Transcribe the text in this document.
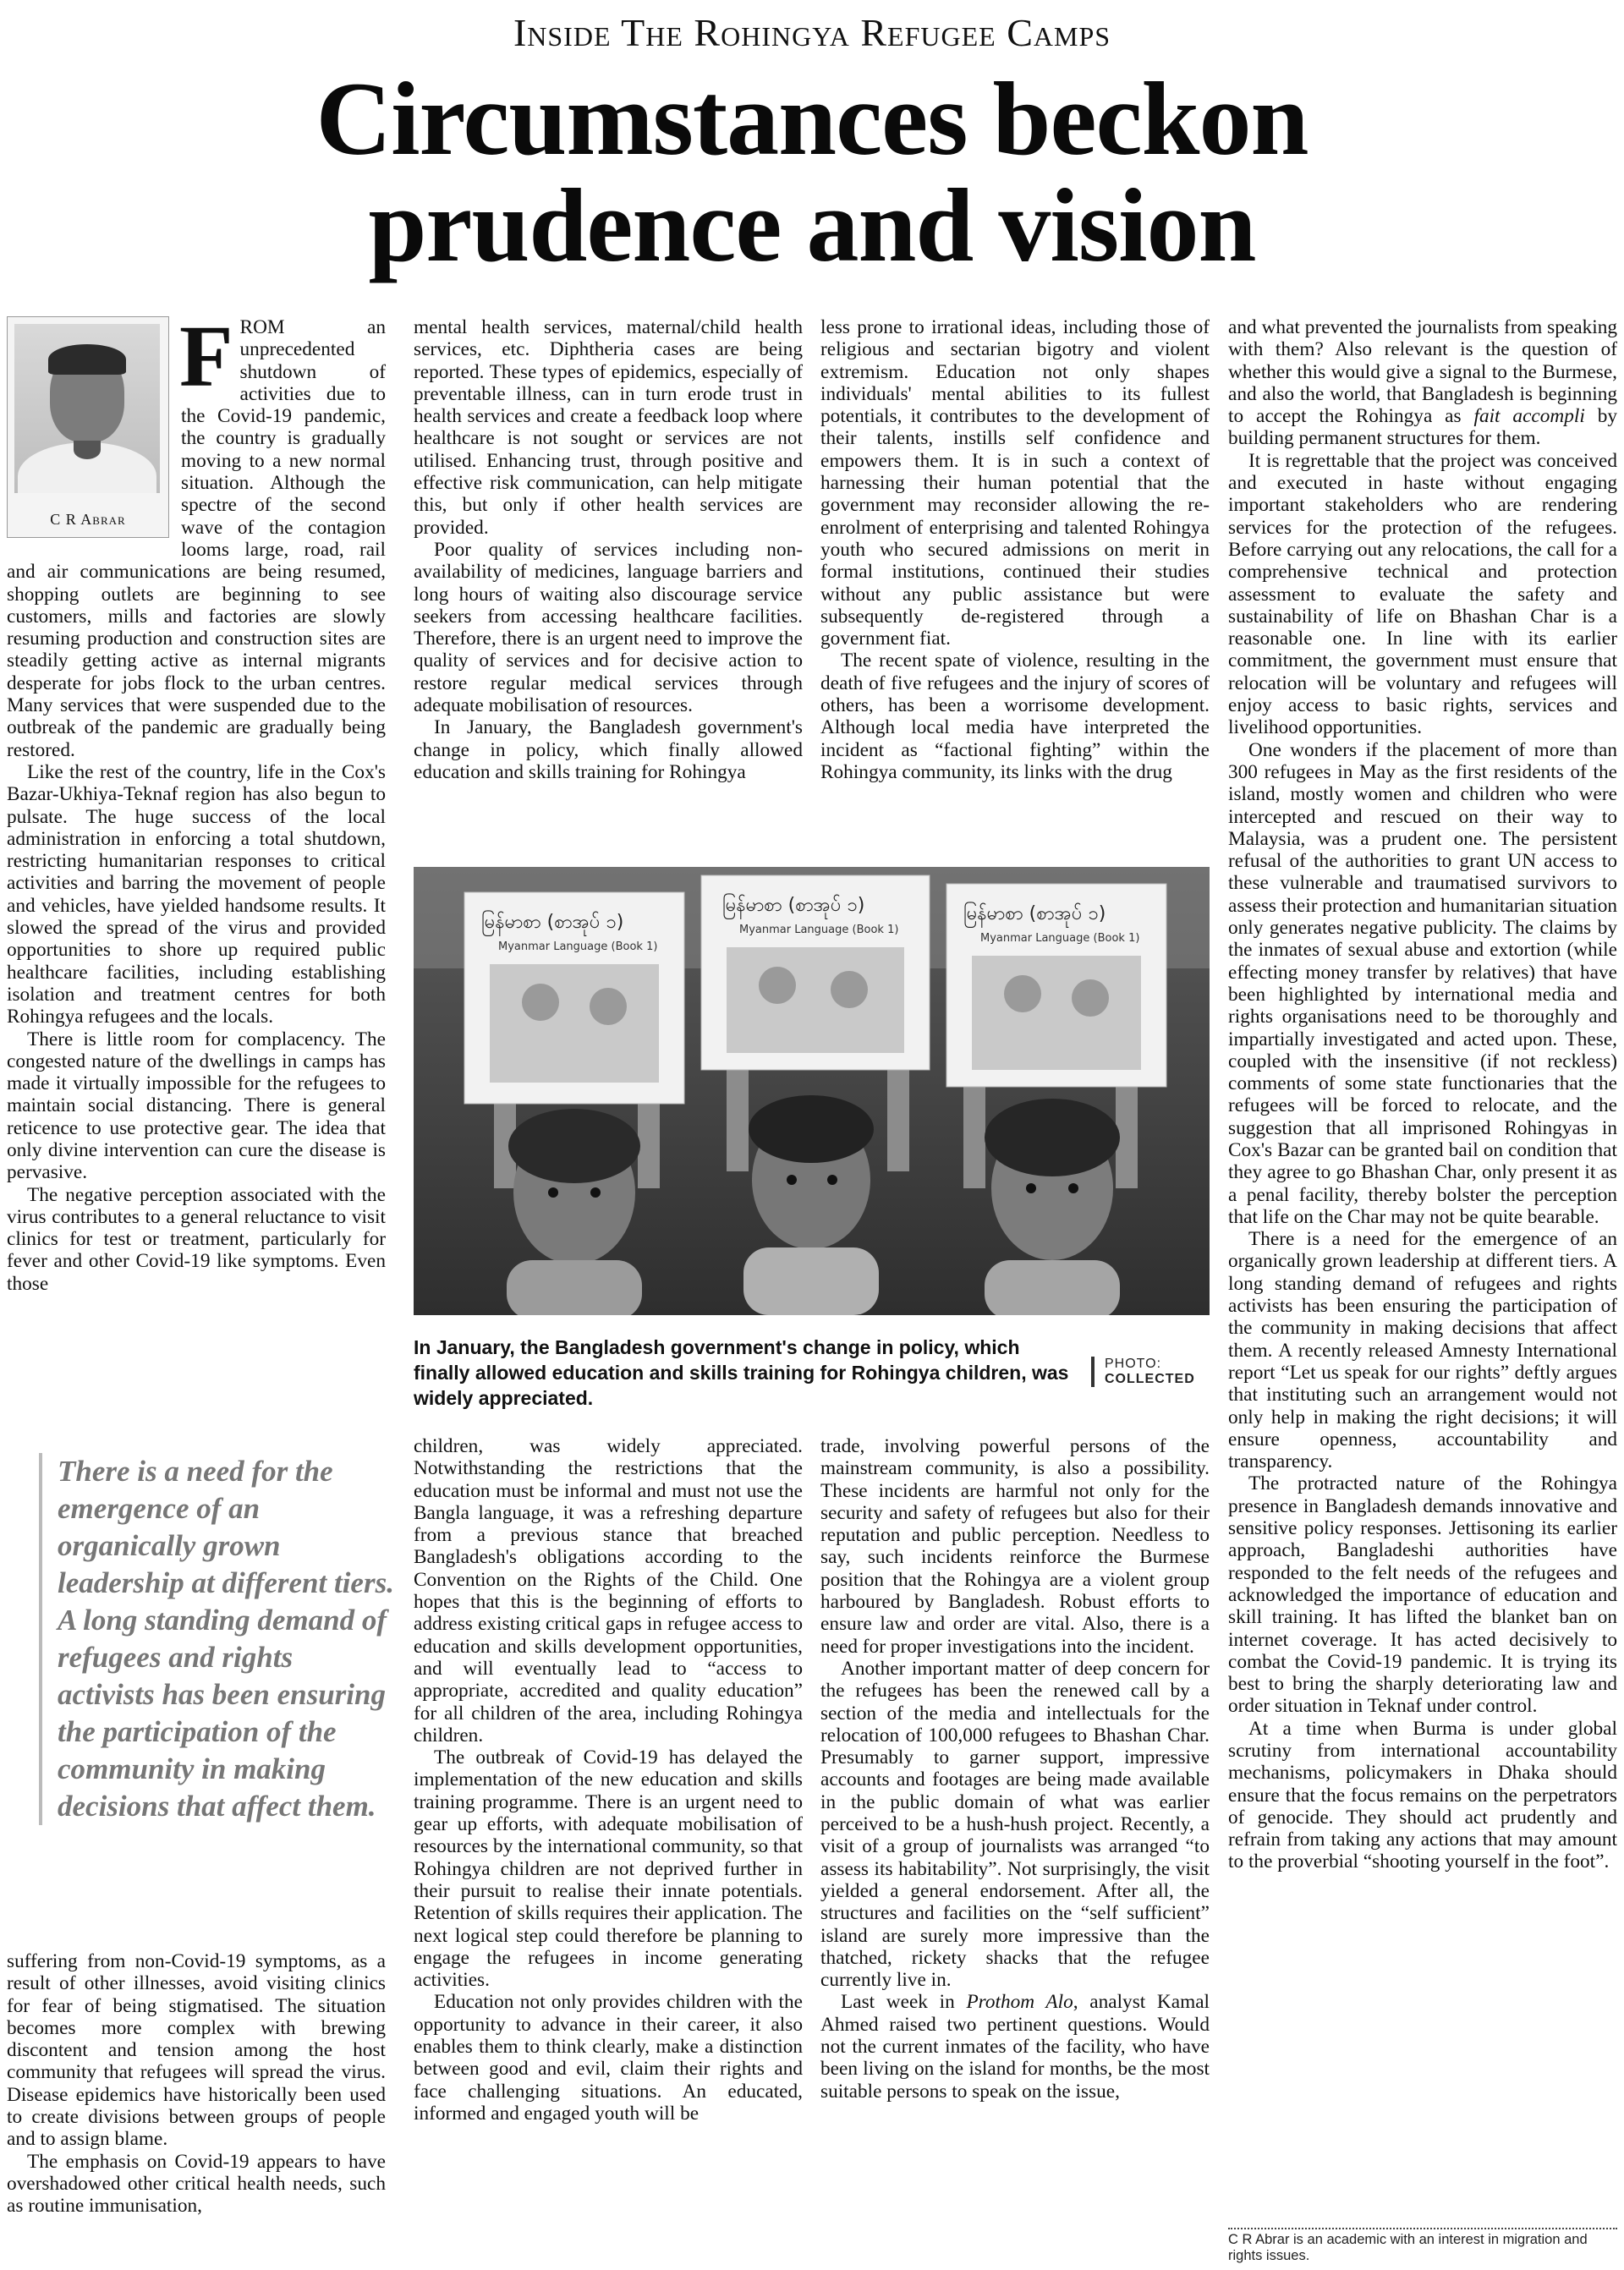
Inside The Rohingya Refugee Camps
Circumstances beckon
prudence and vision
C R Abrar

FROM an unprecedented shutdown of activities due to the Covid-19 pandemic, the country is gradually moving to a new normal situation. Although the spectre of the second wave of the contagion looms large, road, rail and air communications are being resumed, shopping outlets are beginning to see customers, mills and factories are slowly resuming production and construction sites are steadily getting active as internal migrants desperate for jobs flock to the urban centres. Many services that were suspended due to the outbreak of the pandemic are gradually being restored.

Like the rest of the country, life in the Cox's Bazar-Ukhiya-Teknaf region has also begun to pulsate. The huge success of the local administration in enforcing a total shutdown, restricting humanitarian responses to critical activities and barring the movement of people and vehicles, have yielded handsome results. It slowed the spread of the virus and provided opportunities to shore up required public healthcare facilities, including establishing isolation and treatment centres for both Rohingya refugees and the locals.

There is little room for complacency. The congested nature of the dwellings in camps has made it virtually impossible for the refugees to maintain social distancing. There is general reticence to use protective gear. The idea that only divine intervention can cure the disease is pervasive.

The negative perception associated with the virus contributes to a general reluctance to visit clinics for test or treatment, particularly for fever and other Covid-19 like symptoms. Even those

There is a need for the emergence of an organically grown leadership at different tiers. A long standing demand of refugees and rights activists has been ensuring the participation of the community in making decisions that affect them.

suffering from non-Covid-19 symptoms, as a result of other illnesses, avoid visiting clinics for fear of being stigmatised. The situation becomes more complex with brewing discontent and tension among the host community that refugees will spread the virus. Disease epidemics have historically been used to create divisions between groups of people and to assign blame.

The emphasis on Covid-19 appears to have overshadowed other critical health needs, such as routine immunisation,

mental health services, maternal/child health services, etc. Diphtheria cases are being reported. These types of epidemics, especially of preventable illness, can in turn erode trust in health services and create a feedback loop where healthcare is not sought or services are not utilised. Enhancing trust, through positive and effective risk communication, can help mitigate this, but only if other health services are provided.

Poor quality of services including non-availability of medicines, language barriers and long hours of waiting also discourage service seekers from accessing healthcare facilities. Therefore, there is an urgent need to improve the quality of services and for decisive action to restore regular medical services through adequate mobilisation of resources.

In January, the Bangladesh government's change in policy, which finally allowed education and skills training for Rohingya

less prone to irrational ideas, including those of religious and sectarian bigotry and violent extremism. Education not only shapes individuals' mental abilities to its fullest potentials, it contributes to the development of their talents, instills self confidence and empowers them. It is in such a context of harnessing their human potential that the government may reconsider allowing the re-enrolment of enterprising and talented Rohingya youth who secured admissions on merit in formal institutions, continued their studies without any public assistance but were subsequently de-registered through a government fiat.

The recent spate of violence, resulting in the death of five refugees and the injury of scores of others, has been a worrisome development. Although local media have interpreted the incident as “factional fighting” within the Rohingya community, its links with the drug

မြန်မာစာ (စာအုပ် ၁)
Myanmar Language (Book 1)
မြန်မာစာ (စာအုပ် ၁)
Myanmar Language (Book 1)
မြန်မာစာ (စာအုပ် ၁)
Myanmar Language (Book 1)
In January, the Bangladesh government's change in policy, which finally allowed education and skills training for Rohingya children, was widely appreciated.
PHOTO:
COLLECTED

children, was widely appreciated. Notwithstanding the restrictions that the education must be informal and must not use the Bangla language, it was a refreshing departure from a previous stance that breached Bangladesh's obligations according to the Convention on the Rights of the Child. One hopes that this is the beginning of efforts to address existing critical gaps in refugee access to education and skills development opportunities, and will eventually lead to “access to appropriate, accredited and quality education” for all children of the area, including Rohingya children.

The outbreak of Covid-19 has delayed the implementation of the new education and skills training programme. There is an urgent need to gear up efforts, with adequate mobilisation of resources by the international community, so that Rohingya children are not deprived further in their pursuit to realise their innate potentials. Retention of skills requires their application. The next logical step could therefore be planning to engage the refugees in income generating activities.

Education not only provides children with the opportunity to advance in their career, it also enables them to think clearly, make a distinction between good and evil, claim their rights and face challenging situations. An educated, informed and engaged youth will be

trade, involving powerful persons of the mainstream community, is also a possibility. These incidents are harmful not only for the security and safety of refugees but also for their reputation and public perception. Needless to say, such incidents reinforce the Burmese position that the Rohingya are a violent group harboured by Bangladesh. Robust efforts to ensure law and order are vital. Also, there is a need for proper investigations into the incident.

Another important matter of deep concern for the refugees has been the renewed call by a section of the media and intellectuals for the relocation of 100,000 refugees to Bhashan Char. Presumably to garner support, impressive accounts and footages are being made available in the public domain of what was earlier perceived to be a hush-hush project. Recently, a visit of a group of journalists was arranged “to assess its habitability”. Not surprisingly, the visit yielded a general endorsement. After all, the structures and facilities on the “self sufficient” island are surely more impressive than the thatched, rickety shacks that the refugee currently live in.

Last week in Prothom Alo, analyst Kamal Ahmed raised two pertinent questions. Would not the current inmates of the facility, who have been living on the island for months, be the most suitable persons to speak on the issue,

and what prevented the journalists from speaking with them? Also relevant is the question of whether this would give a signal to the Burmese, and also the world, that Bangladesh is beginning to accept the Rohingya as fait accompli by building permanent structures for them.

It is regrettable that the project was conceived and executed in haste without engaging important stakeholders who are rendering services for the protection of the refugees. Before carrying out any relocations, the call for a comprehensive technical and protection assessment to evaluate the safety and sustainability of life on Bhashan Char is a reasonable one. In line with its earlier commitment, the government must ensure that relocation will be voluntary and refugees will enjoy access to basic rights, services and livelihood opportunities.

One wonders if the placement of more than 300 refugees in May as the first residents of the island, mostly women and children who were intercepted and rescued on their way to Malaysia, was a prudent one. The persistent refusal of the authorities to grant UN access to these vulnerable and traumatised survivors to assess their protection and humanitarian situation only generates negative publicity. The claims by the inmates of sexual abuse and extortion (while effecting money transfer by relatives) that have been highlighted by international media and rights organisations need to be thoroughly and impartially investigated and acted upon. These, coupled with the insensitive (if not reckless) comments of some state functionaries that the refugees will be forced to relocate, and the suggestion that all imprisoned Rohingyas in Cox's Bazar can be granted bail on condition that they agree to go Bhashan Char, only present it as a penal facility, thereby bolster the perception that life on the Char may not be quite bearable.

There is a need for the emergence of an organically grown leadership at different tiers. A long standing demand of refugees and rights activists has been ensuring the participation of the community in making decisions that affect them. A recently released Amnesty International report “Let us speak for our rights” deftly argues that instituting such an arrangement would not only help in making the right decisions; it will ensure openness, accountability and transparency.

The protracted nature of the Rohingya presence in Bangladesh demands innovative and sensitive policy responses. Jettisoning its earlier approach, Bangladeshi authorities have responded to the felt needs of the refugees and acknowledged the importance of education and skill training. It has lifted the blanket ban on internet coverage. It has acted decisively to combat the Covid-19 pandemic. It is trying its best to bring the sharply deteriorating law and order situation in Teknaf under control.

At a time when Burma is under global scrutiny from international accountability mechanisms, policymakers in Dhaka should ensure that the focus remains on the perpetrators of genocide. They should act prudently and refrain from taking any actions that may amount to the proverbial “shooting yourself in the foot”.

C R Abrar is an academic with an interest in migration and rights issues.
